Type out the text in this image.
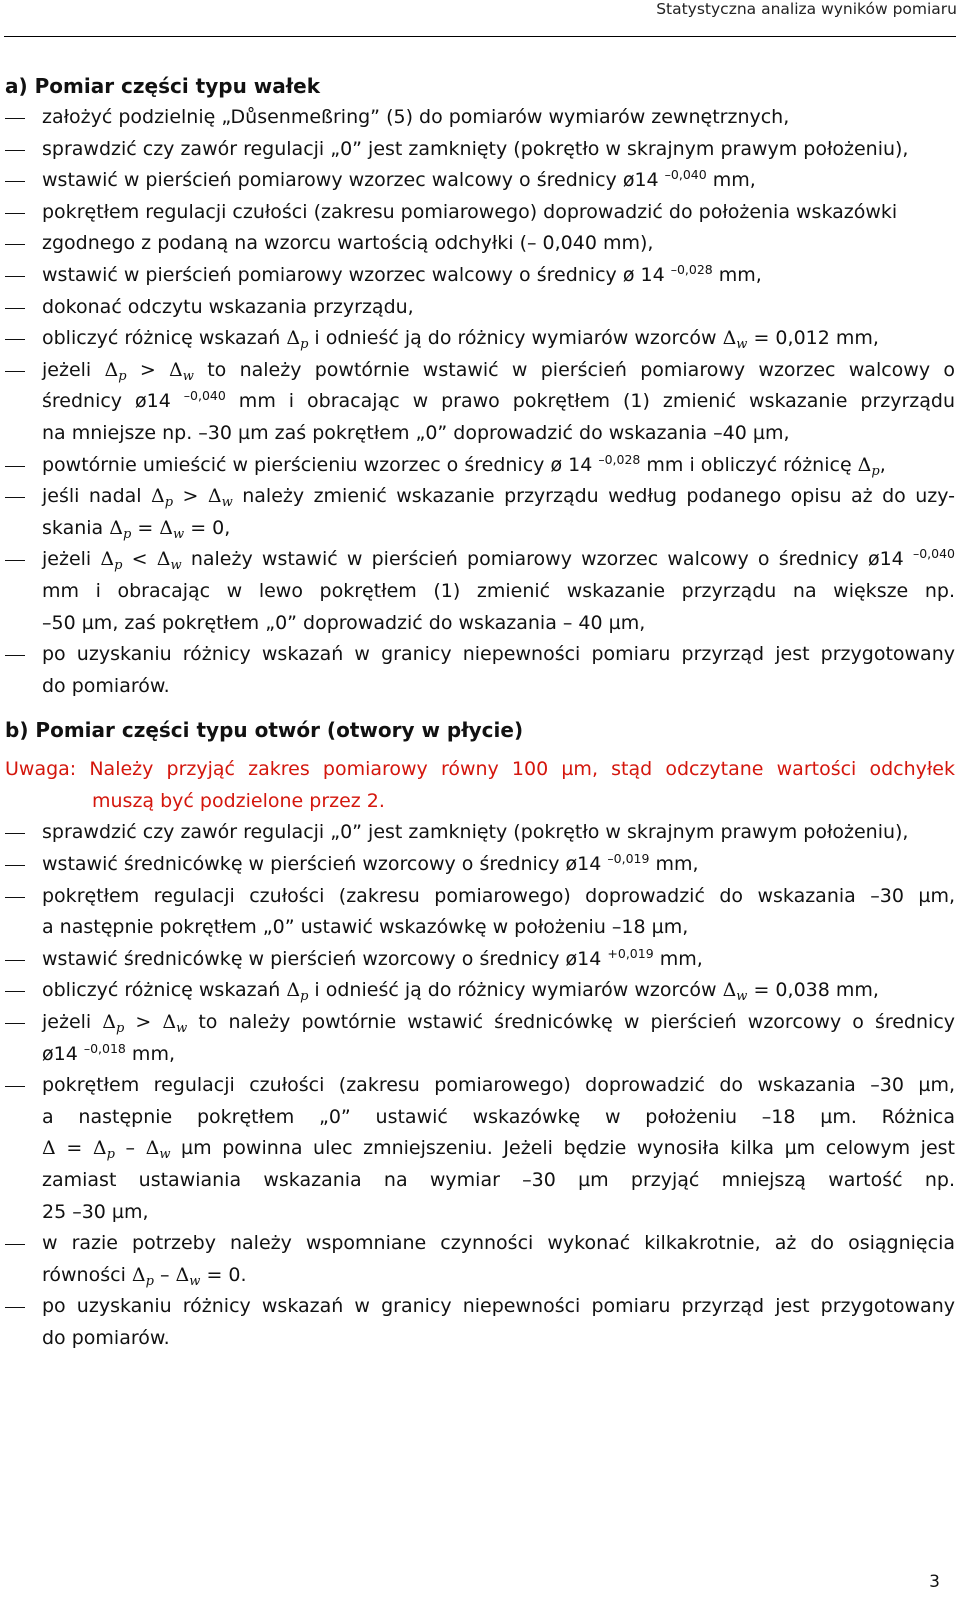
Statystyczna analiza wyników pomiaru
a) Pomiar części typu wałek
założyć podzielnię „Důsenmeßring” (5) do pomiarów wymiarów zewnętrznych,
sprawdzić czy zawór regulacji „0” jest zamknięty (pokrętło w skrajnym prawym położeniu),
wstawić w pierścień pomiarowy wzorzec walcowy o średnicy ø14 $^{-0,040}$ mm,
pokrętłem regulacji czułości (zakresu pomiarowego) doprowadzić do położenia wskazówki
zgodnego z podaną na wzorcu wartością odchyłki (– 0,040 mm),
wstawić w pierścień pomiarowy wzorzec walcowy o średnicy ø 14 $^{-0,028}$ mm,
dokonać odczytu wskazania przyrządu,
obliczyć różnicę wskazań $\Delta_p$ i odnieść ją do różnicy wymiarów wzorców $\Delta_w = 0,012$ mm,
jeżeli $\Delta_p > \Delta_w$ to należy powtórnie wstawić w pierścień pomiarowy wzorzec walcowy o
średnicy ø14 $^{-0,040}$ mm i obracając w prawo pokrętłem (1) zmienić wskazanie przyrządu
na mniejsze np. –30 µm zaś pokrętłem „0” doprowadzić do wskazania –40 µm,
powtórnie umieścić w pierścieniu wzorzec o średnicy ø 14 $^{-0,028}$ mm i obliczyć różnicę $\Delta_p$,
jeśli nadal $\Delta_p > \Delta_w$ należy zmienić wskazanie przyrządu według podanego opisu aż do uzy-
skania $\Delta_p = \Delta_w = 0$,
jeżeli $\Delta_p < \Delta_w$ należy wstawić w pierścień pomiarowy wzorzec walcowy o średnicy ø14 $^{-0,040}$
mm i obracając w lewo pokrętłem (1) zmienić wskazanie przyrządu na większe np.
–50 µm, zaś pokrętłem „0” doprowadzić do wskazania – 40 µm,
po uzyskaniu różnicy wskazań w granicy niepewności pomiaru przyrząd jest przygotowany
do pomiarów.
b) Pomiar części typu otwór (otwory w płycie)
Uwaga: Należy przyjąć zakres pomiarowy równy 100 µm, stąd odczytane wartości odchyłek
muszą być podzielone przez 2.
sprawdzić czy zawór regulacji „0” jest zamknięty (pokrętło w skrajnym prawym położeniu),
wstawić średnicówkę w pierścień wzorcowy o średnicy ø14 $^{-0,019}$ mm,
pokrętłem regulacji czułości (zakresu pomiarowego) doprowadzić do wskazania –30 µm,
a następnie pokrętłem „0” ustawić wskazówkę w położeniu –18 µm,
wstawić średnicówkę w pierścień wzorcowy o średnicy ø14 $^{+0,019}$ mm,
obliczyć różnicę wskazań $\Delta_p$ i odnieść ją do różnicy wymiarów wzorców $\Delta_w = 0,038$ mm,
jeżeli $\Delta_p > \Delta_w$ to należy powtórnie wstawić średnicówkę w pierścień wzorcowy o średnicy
ø14 $^{-0,018}$ mm,
pokrętłem regulacji czułości (zakresu pomiarowego) doprowadzić do wskazania –30 µm,
a następnie pokrętłem „0” ustawić wskazówkę w położeniu –18 µm. Różnica
$\Delta = \Delta_p - \Delta_w$ µm powinna ulec zmniejszeniu. Jeżeli będzie wynosiła kilka µm celowym jest
zamiast ustawiania wskazania na wymiar –30 µm przyjąć mniejszą wartość np.
25 –30 µm,
w razie potrzeby należy wspomniane czynności wykonać kilkakrotnie, aż do osiągnięcia
równości $\Delta_p - \Delta_w = 0$.
po uzyskaniu różnicy wskazań w granicy niepewności pomiaru przyrząd jest przygotowany
do pomiarów.
3
